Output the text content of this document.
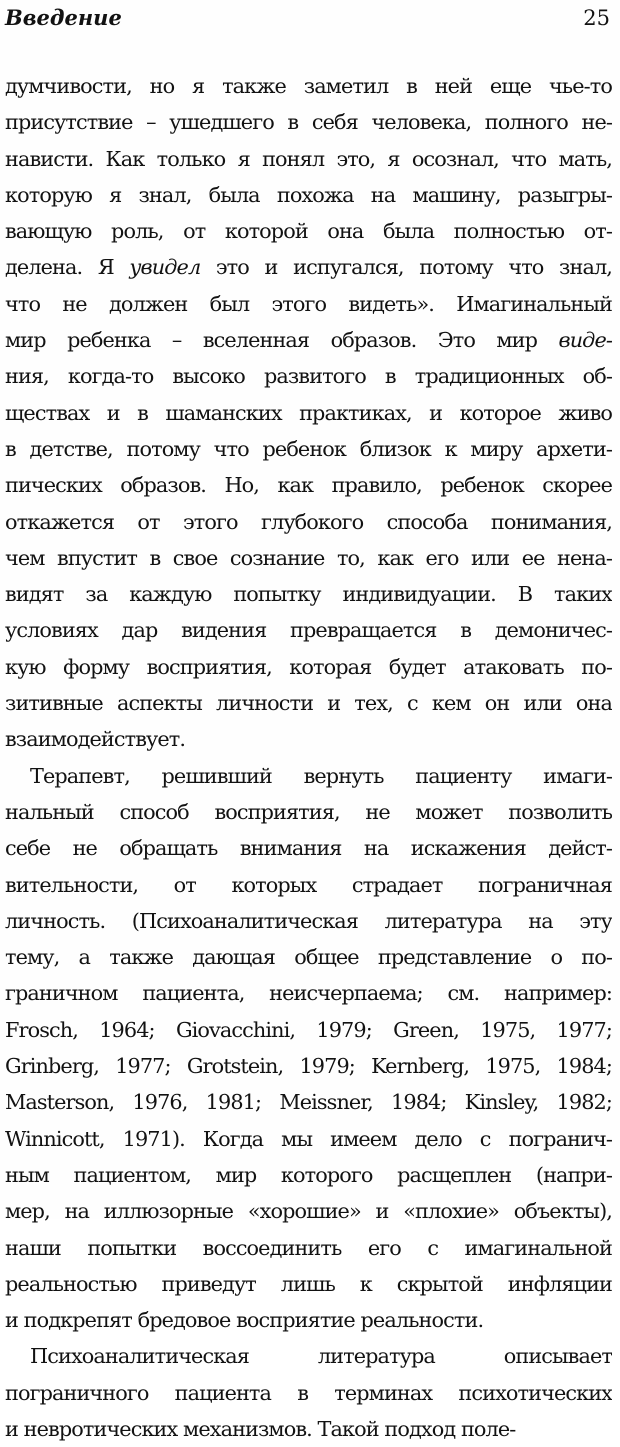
Введение	25
думчивости, но я также заметил в ней еще чье-то
присутствие – ушедшего в себя человека, полного не-
нависти. Как только я понял это, я осознал, что мать,
которую я знал, была похожа на машину, разыгры-
вающую роль, от которой она была полностью от-
делена. Я увидел это и испугался, потому что знал,
что не должен был этого видеть». Имагинальный
мир ребенка – вселенная образов. Это мир виде-
ния, когда-то высоко развитого в традиционных об-
ществах и в шаманских практиках, и которое живо
в детстве, потому что ребенок близок к миру архети-
пических образов. Но, как правило, ребенок скорее
откажется от этого глубокого способа понимания,
чем впустит в свое сознание то, как его или ее нена-
видят за каждую попытку индивидуации. В таких
условиях дар видения превращается в демоничес-
кую форму восприятия, которая будет атаковать по-
зитивные аспекты личности и тех, с кем он или она
взаимодействует.
Терапевт, решивший вернуть пациенту имаги-
нальный способ восприятия, не может позволить
себе не обращать внимания на искажения дейст-
вительности, от которых страдает пограничная
личность. (Психоаналитическая литература на эту
тему, а также дающая общее представление о по-
граничном пациента, неисчерпаема; см. например:
Frosch, 1964; Giovacchini, 1979; Green, 1975, 1977;
Grinberg, 1977; Grotstein, 1979; Kernberg, 1975, 1984;
Masterson, 1976, 1981; Meissner, 1984; Kinsley, 1982;
Winnicott, 1971). Когда мы имеем дело с погранич-
ным пациентом, мир которого расщеплен (напри-
мер, на иллюзорные «хорошие» и «плохие» объекты),
наши попытки воссоединить его с имагинальной
реальностью приведут лишь к скрытой инфляции
и подкрепят бредовое восприятие реальности.
Психоаналитическая литература описывает
пограничного пациента в терминах психотических
и невротических механизмов. Такой подход поле-
